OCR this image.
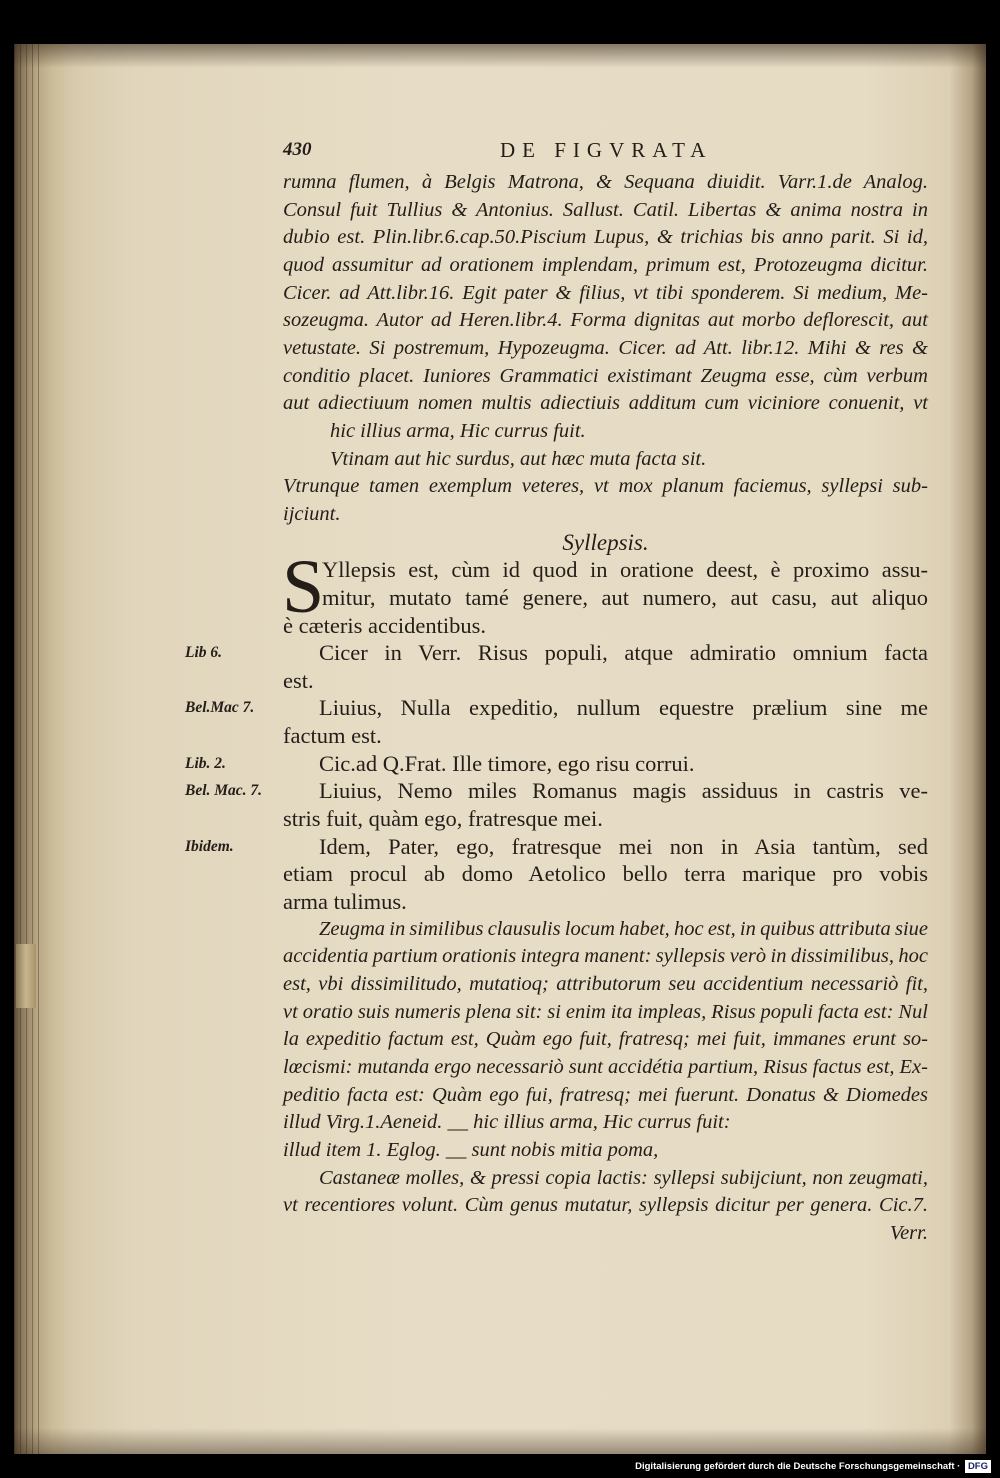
430	DE FIGVRATA
S
rumna flumen, à Belgis Matrona, & Sequana diuidit. Varr.1.de Analog.
Consul fuit Tullius & Antonius. Sallust. Catil. Libertas & anima nostra in
dubio est. Plin.libr.6.cap.50.Piscium Lupus, & trichias bis anno parit. Si id,
quod assumitur ad orationem implendam, primum est, Protozeugma dicitur.
Cicer. ad Att.libr.16. Egit pater & filius, vt tibi sponderem. Si medium, Me-
sozeugma. Autor ad Heren.libr.4. Forma dignitas aut morbo deflorescit, aut
vetustate. Si postremum, Hypozeugma. Cicer. ad Att. libr.12. Mihi & res &
conditio placet. Iuniores Grammatici existimant Zeugma esse, cùm verbum
aut adiectiuum nomen multis adiectiuis additum cum viciniore conuenit, vt
hic illius arma, Hic currus fuit.
Vtinam aut hic surdus, aut hæc muta facta sit.
Vtrunque tamen exemplum veteres, vt mox planum faciemus, syllepsi sub-
ijciunt.
Syllepsis.
Yllepsis est, cùm id quod in oratione deest, è proximo assu-
mitur, mutato tamé genere, aut numero, aut casu, aut aliquo
è cæteris accidentibus.
Lib 6.	Cicer in Verr. Risus populi, atque admiratio omnium facta
est.
Bel.Mac 7.	Liuius, Nulla expeditio, nullum equestre prælium sine me
factum est.
Lib. 2.	Cic.ad Q.Frat. Ille timore, ego risu corrui.
Bel. Mac. 7.	Liuius, Nemo miles Romanus magis assiduus in castris ve-
stris fuit, quàm ego, fratresque mei.
Ibidem.	Idem, Pater, ego, fratresque mei non in Asia tantùm, sed
etiam procul ab domo Aetolico bello terra marique pro vobis
arma tulimus.
Zeugma in similibus clausulis locum habet, hoc est, in quibus attributa siue
accidentia partium orationis integra manent: syllepsis verò in dissimilibus, hoc
est, vbi dissimilitudo, mutatioq; attributorum seu accidentium necessariò fit,
vt oratio suis numeris plena sit: si enim ita impleas, Risus populi facta est: Nul
la expeditio factum est, Quàm ego fuit, fratresq; mei fuit, immanes erunt so-
lœcismi: mutanda ergo necessariò sunt accidétia partium, Risus factus est, Ex-
peditio facta est: Quàm ego fui, fratresq; mei fuerunt. Donatus & Diomedes
illud Virg.1.Aeneid. __ hic illius arma, Hic currus fuit:
illud item 1. Eglog. __ sunt nobis mitia poma,
Castaneæ molles, & pressi copia lactis: syllepsi subijciunt, non zeugmati,
vt recentiores volunt. Cùm genus mutatur, syllepsis dicitur per genera. Cic.7.
Verr.
Digitalisierung gefördert durch die Deutsche Forschungsgemeinschaft · DFG
